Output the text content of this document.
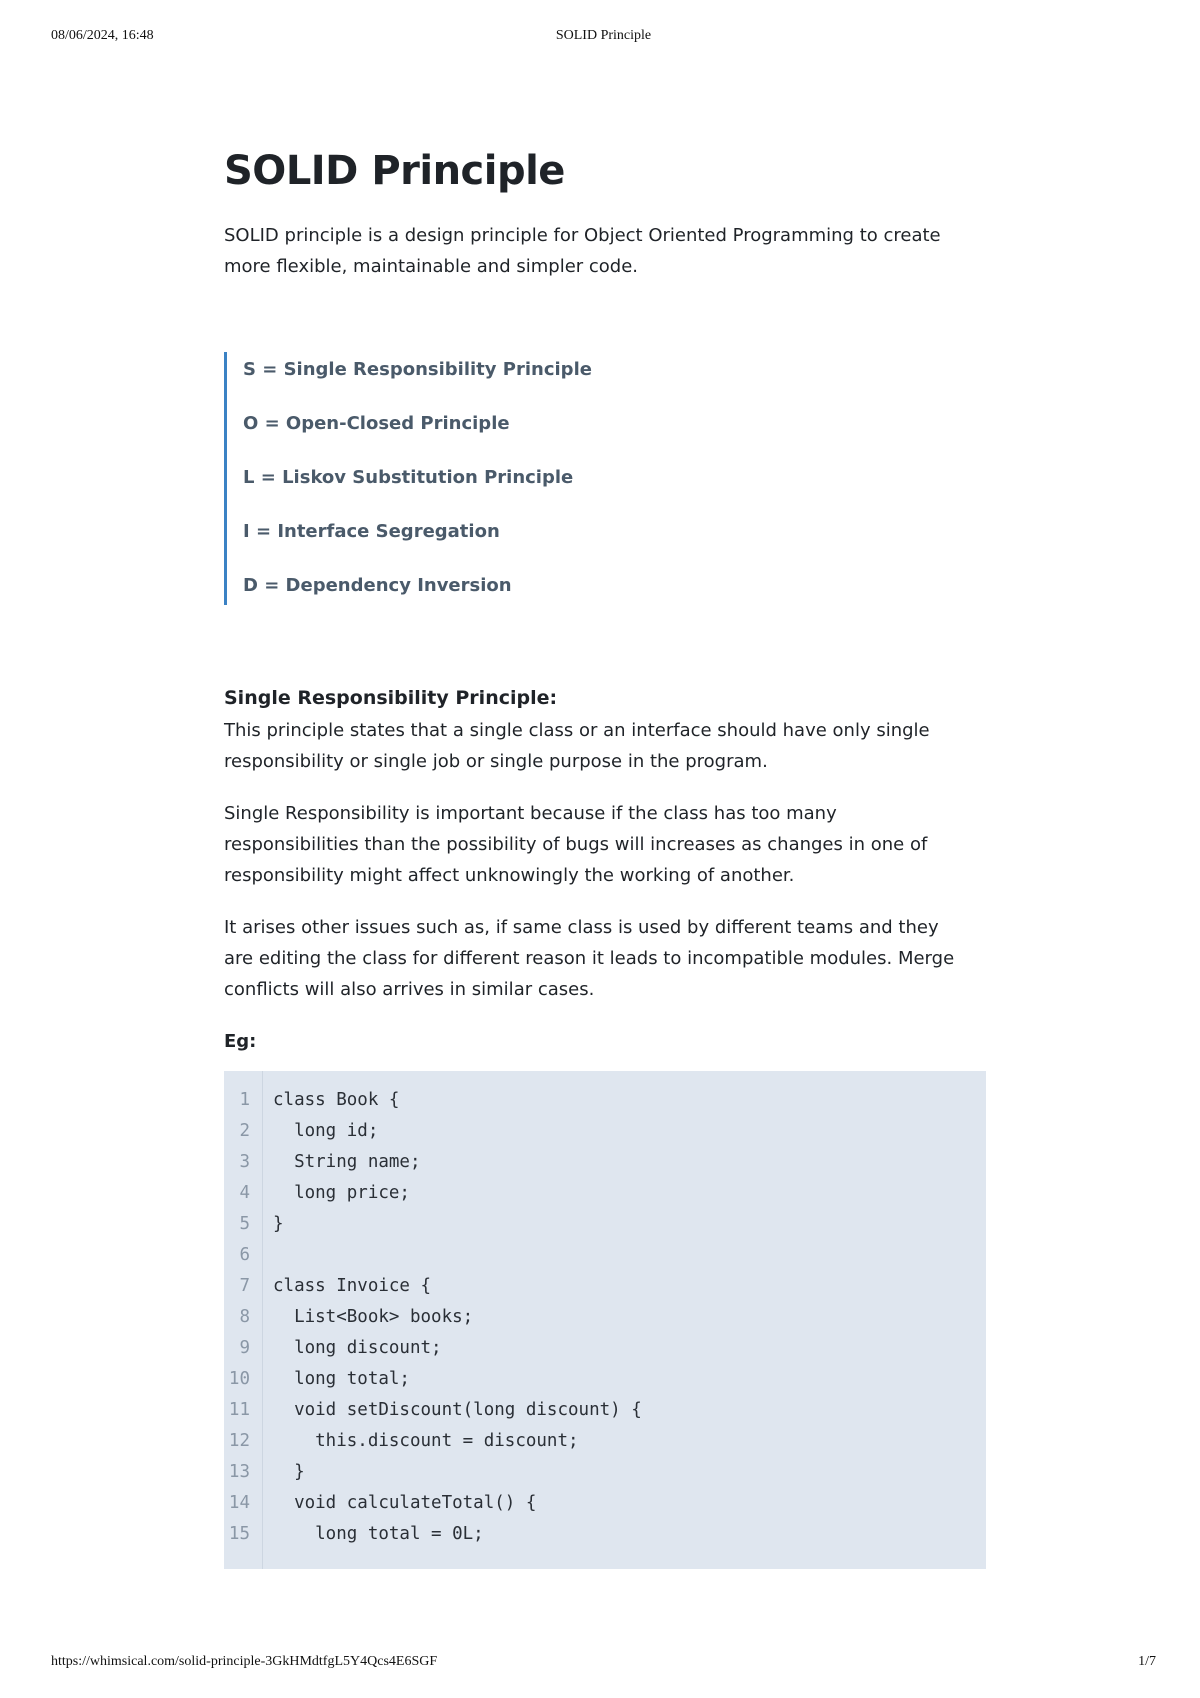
08/06/2024, 16:48	SOLID Principle
SOLID Principle

SOLID principle is a design principle for Object Oriented Programming to create
more flexible, maintainable and simpler code.

S = Single Responsibility Principle
O = Open-Closed Principle
L = Liskov Substitution Principle
I = Interface Segregation
D = Dependency Inversion
Single Responsibility Principle:

This principle states that a single class or an interface should have only single
responsibility or single job or single purpose in the program.

Single Responsibility is important because if the class has too many
responsibilities than the possibility of bugs will increases as changes in one of
responsibility might affect unknowingly the working of another.

It arises other issues such as, if same class is used by different teams and they
are editing the class for different reason it leads to incompatible modules. Merge
conflicts will also arrives in similar cases.

Eg:

1 class Book {
2 long id;
3 String name;
4 long price;
5 }
6
7 class Invoice {
8 List<Book> books;
9 long discount;
10 long total;
11 void setDiscount(long discount) {
12 this.discount = discount;
13 }
14 void calculateTotal() {
15 long total = 0L;
https://whimsical.com/solid-principle-3GkHMdtfgL5Y4Qcs4E6SGF	1/7
